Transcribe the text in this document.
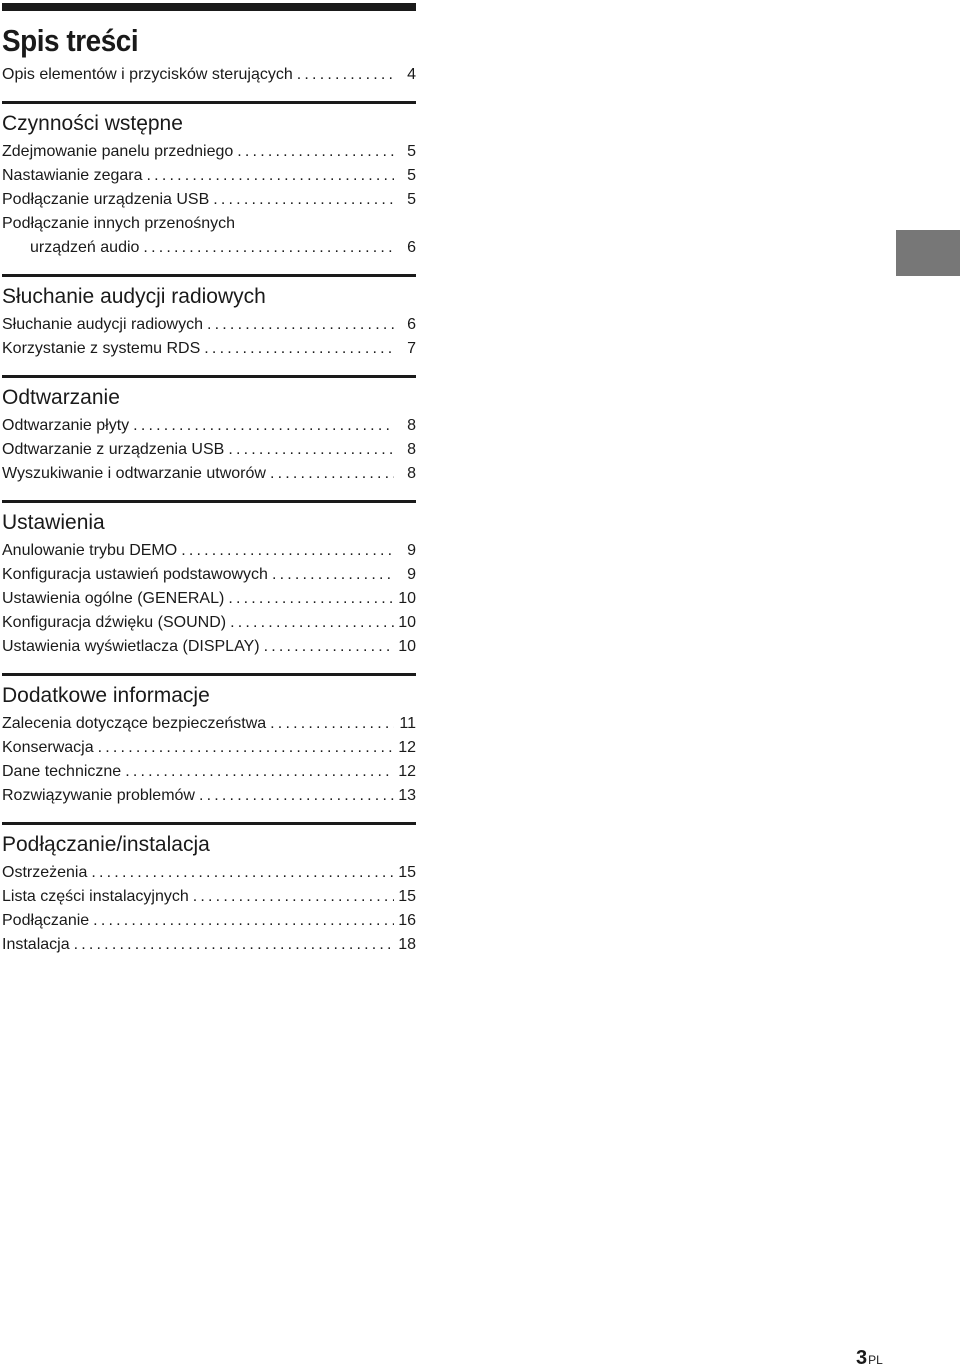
Spis treści
Opis elementów i przycisków sterujących .....	4
Czynności wstępne
Zdejmowanie panelu przedniego .....	5
Nastawianie zegara .....	5
Podłączanie urządzenia USB .....	5
Podłączanie innych przenośnych
urządzeń audio .....	6
Słuchanie audycji radiowych
Słuchanie audycji radiowych .....	6
Korzystanie z systemu RDS .....	7
Odtwarzanie
Odtwarzanie płyty .....	8
Odtwarzanie z urządzenia USB .....	8
Wyszukiwanie i odtwarzanie utworów .....	8
Ustawienia
Anulowanie trybu DEMO .....	9
Konfiguracja ustawień podstawowych .....	9
Ustawienia ogólne (GENERAL) .....	10
Konfiguracja dźwięku (SOUND) .....	10
Ustawienia wyświetlacza (DISPLAY) .....	10
Dodatkowe informacje
Zalecenia dotyczące bezpieczeństwa .....	11
Konserwacja .....	12
Dane techniczne .....	12
Rozwiązywanie problemów .....	13
Podłączanie/instalacja
Ostrzeżenia .....	15
Lista części instalacyjnych .....	15
Podłączanie .....	16
Instalacja .....	18
3PL
